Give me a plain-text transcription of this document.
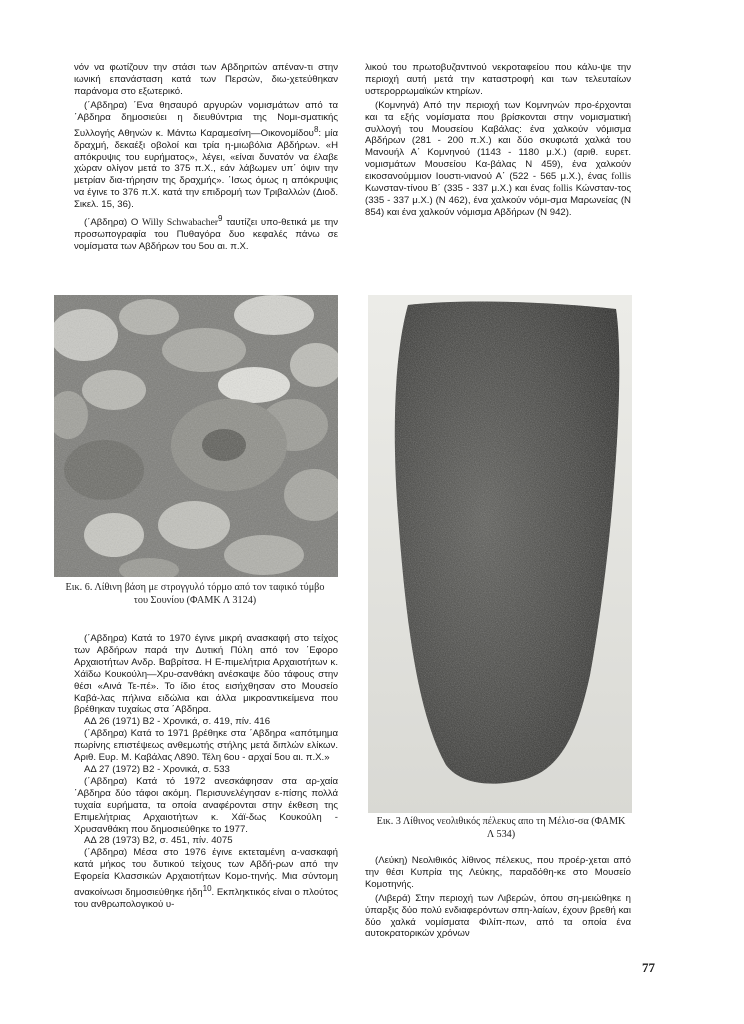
νόν να φωτίζουν την στάσι των Αβδηριτών απέναν-τι στην ιωνική επανάσταση κατά των Περσών, διω-χετεύθηκαν παράνομα στο εξωτερικό.

(΄Αβδηρα) ΄Ενα θησαυρό αργυρών νομισμάτων από τα ΄Αβδηρα δημοσιεύει η διευθύντρια της Νομι-σματικής Συλλογής Αθηνών κ. Μάντω Καραμεσίνη—Οικονομίδου$^8$: μία δραχμή, δεκαέξι οβολοί και τρία η-μιωβόλια Αβδήρων. «Η απόκρυψις του ευρήματος», λέγει, «είναι δυνατόν να έλαβε χώραν ολίγον μετά το 375 π.Χ., εάν λάβωμεν υπ΄ όψιν την μετρίαν δια-τήρησιν της δραχμής». ΄Ισως όμως η απόκρυψις να έγινε το 376 π.Χ. κατά την επιδρομή των Τριβαλλών (Διοδ. Σικελ. 15, 36).

(΄Αβδηρα) Ο Willy Schwabacher$^9$ ταυτίζει υπο-θετικά με την προσωπογραφία του Πυθαγόρα δυο κεφαλές πάνω σε νομίσματα των Αβδήρων του 5ου αι. π.Χ.

Εικ. 6. Λίθινη βάση με στρογγυλό τόρμο από τον ταφικό τύμβο του Σουνίου (ΦΑΜΚ Λ 3124)

(΄Αβδηρα) Κατά το 1970 έγινε μικρή ανασκαφή στο τείχος των Αβδήρων παρά την Δυτική Πύλη από τον ΄Εφορο Αρχαιοτήτων Ανδρ. Βαβρίτσα. Η Ε-πιμελήτρια Αρχαιοτήτων κ. Χάϊδω Κουκούλη—Χρυ-σανθάκη ανέσκαψε δύο τάφους στην θέσι «Αινά Τε-πέ». Το ίδιο έτος εισήχθησαν στο Μουσείο Καβά-λας πήλινα ειδώλια και άλλα μικροαντικείμενα που βρέθηκαν τυχαίως στα ΄Αβδηρα.

ΑΔ 26 (1971) Β2 - Χρονικά, σ. 419, πίν. 416

(΄Αβδηρα) Κατά το 1971 βρέθηκε στα ΄Αβδηρα «απότμημα πωρίνης επιστέψεως ανθεμωτής στήλης μετά διπλών ελίκων. Αριθ. Ευρ. Μ. Καβάλας Λ890. Τέλη 6ου - αρχαί 5ου αι. π.Χ.»

ΑΔ 27 (1972) Β2 - Χρονικά, σ. 533

(΄Αβδηρα) Κατά τό 1972 ανεσκάφησαν στα αρ-χαία ΄Αβδηρα δύο τάφοι ακόμη. Περισυνελέγησαν ε-πίσης πολλά τυχαία ευρήματα, τα οποία αναφέρονται στην έκθεση της Επιμελήτριας Αρχαιοτήτων κ. Χάϊ-δως Κουκούλη - Χρυσανθάκη που δημοσιεύθηκε το 1977.

ΑΔ 28 (1973) Β2, σ. 451, πίν. 4075

(΄Αβδηρα) Μέσα στο 1976 έγινε εκτεταμένη α-νασκαφή κατά μήκος του δυτικού τείχους των Αβδή-ρων από την Εφορεία Κλασσικών Αρχαιοτήτων Κομο-τηνής. Μια σύντομη ανακοίνωσι δημοσιεύθηκε ήδη$^{10}$. Εκπληκτικός είναι ο πλούτος του ανθρωπολογικού υ-

λικού του πρωτοβυζαντινού νεκροταφείου που κάλυ-ψε την περιοχή αυτή μετά την καταστροφή και των τελευταίων υστερορρωμαϊκών κτηρίων.

(Κομνηνά) Από την περιοχή των Κομνηνών προ-έρχονται και τα εξής νομίσματα που βρίσκονται στην νομισματική συλλογή του Μουσείου Καβάλας: ένα χαλκούν νόμισμα Αβδήρων (281 - 200 π.Χ.) και δύο σκυφωτά χαλκά του Μανουήλ Α΄ Κομνηνού (1143 - 1180 μ.Χ.) (αριθ. ευρετ. νομισμάτων Μουσείου Κα-βάλας Ν 459), ένα χαλκούν εικοσανούμμιον Ιουστι-νιανού Α΄ (522 - 565 μ.Χ.), ένας follis Κωνσταν-τίνου Β΄ (335 - 337 μ.Χ.) και ένας follis Κώνσταν-τος (335 - 337 μ.Χ.) (Ν 462), ένα χαλκούν νόμι-σμα Μαρωνείας (Ν 854) και ένα χαλκούν νόμισμα Αβδήρων (Ν 942).

Εικ. 3 Λίθινος νεολιθικός πέλεκυς απο τη Μέλισ-σα (ΦΑΜΚ Λ 534)

(Λεύκη) Νεολιθικός λίθινος πέλεκυς, που προέρ-χεται από την θέσι Κυπρία της Λεύκης, παραδόθη-κε στο Μουσείο Κομοτηνής.

(Λιβερά) Στην περιοχή των Λιβερών, όπου ση-μειώθηκε η ύπαρξις δύο πολύ ενδιαφερόντων σπη-λαίων, έχουν βρεθή και δύο χαλκά νομίσματα Φιλίπ-πων, από τα οποία ένα αυτοκρατορικών χρόνων

77
